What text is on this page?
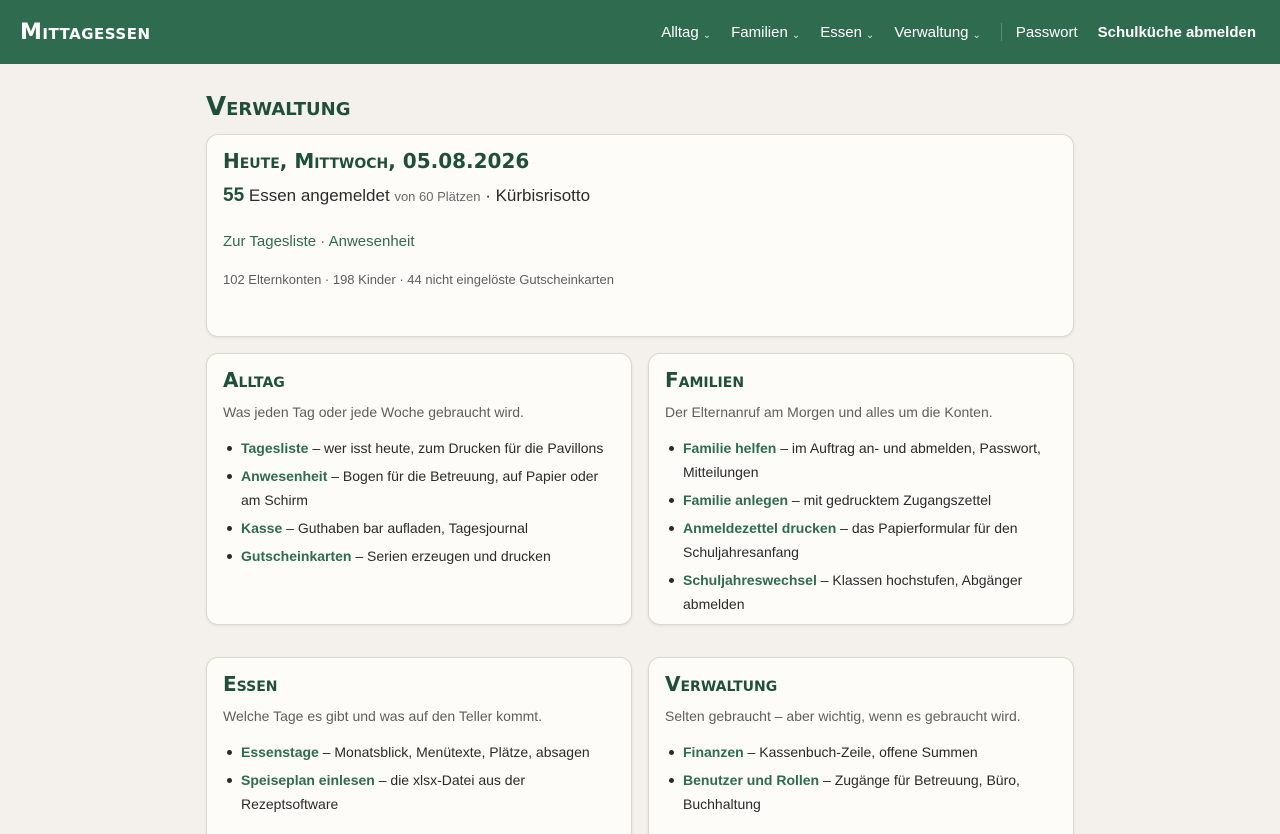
Mittagessen	Alltag ⌄ Familien ⌄ Essen ⌄ Verwaltung ⌄ Passwort Schulküche abmelden
Verwaltung
Heute, Mittwoch, 05.08.2026
55 Essen angemeldet von 60 Plätzen · Kürbisrisotto
Zur Tagesliste · Anwesenheit
102 Elternkonten · 198 Kinder · 44 nicht eingelöste Gutscheinkarten
Alltag

Was jeden Tag oder jede Woche gebraucht wird.

Tagesliste – wer isst heute, zum Drucken für die Pavillons
Anwesenheit – Bogen für die Betreuung, auf Papier oder am Schirm
Kasse – Guthaben bar aufladen, Tagesjournal
Gutscheinkarten – Serien erzeugen und drucken
Familien

Der Elternanruf am Morgen und alles um die Konten.

Familie helfen – im Auftrag an- und abmelden, Passwort, Mitteilungen
Familie anlegen – mit gedrucktem Zugangszettel
Anmeldezettel drucken – das Papierformular für den Schuljahresanfang
Schuljahreswechsel – Klassen hochstufen, Abgänger abmelden
Essen

Welche Tage es gibt und was auf den Teller kommt.

Essenstage – Monatsblick, Menütexte, Plätze, absagen
Speiseplan einlesen – die xlsx-Datei aus der Rezeptsoftware
Verwaltung

Selten gebraucht – aber wichtig, wenn es gebraucht wird.

Finanzen – Kassenbuch-Zeile, offene Summen
Benutzer und Rollen – Zugänge für Betreuung, Büro, Buchhaltung
